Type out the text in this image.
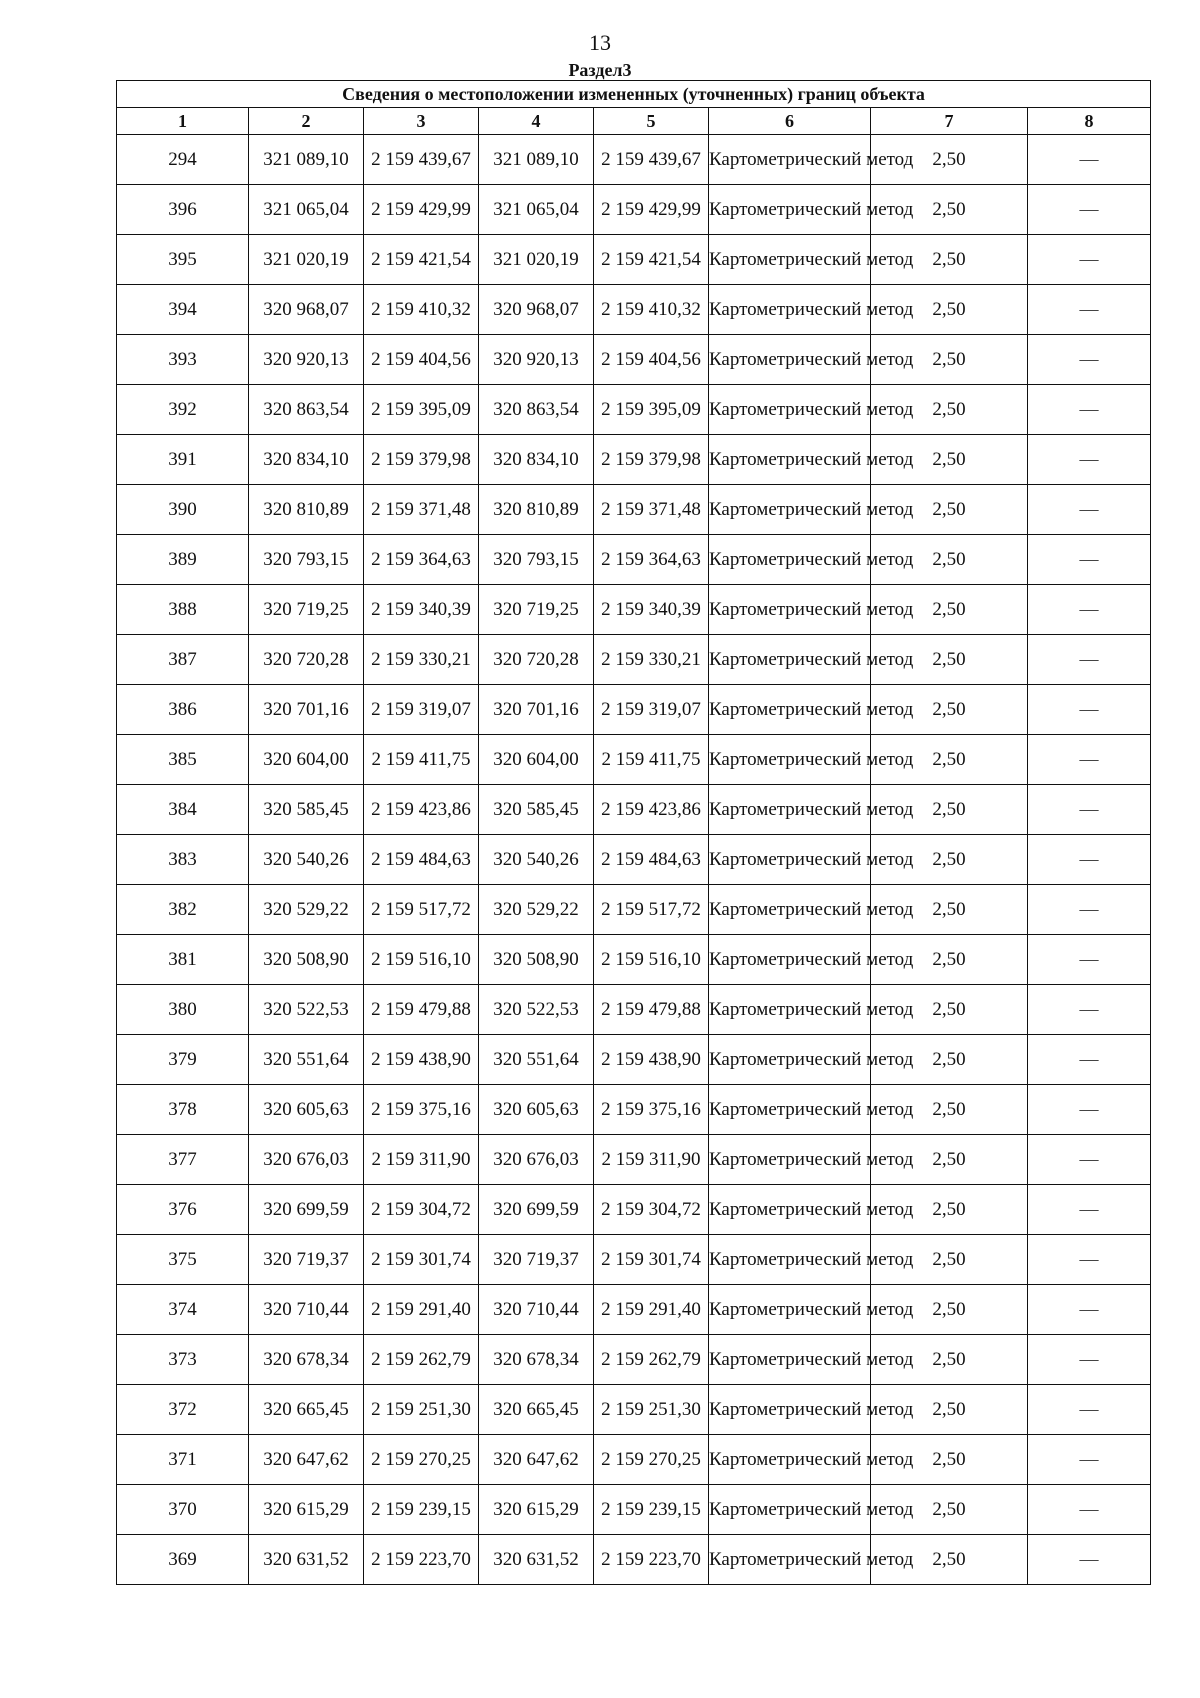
13
Раздел3
Сведения о местоположении измененных (уточненных) границ объекта							
1	2	3	4	5	6	7	8
294	321 089,10	2 159 439,67	321 089,10	2 159 439,67	Картометрический метод	2,50	—
396	321 065,04	2 159 429,99	321 065,04	2 159 429,99	Картометрический метод	2,50	—
395	321 020,19	2 159 421,54	321 020,19	2 159 421,54	Картометрический метод	2,50	—
394	320 968,07	2 159 410,32	320 968,07	2 159 410,32	Картометрический метод	2,50	—
393	320 920,13	2 159 404,56	320 920,13	2 159 404,56	Картометрический метод	2,50	—
392	320 863,54	2 159 395,09	320 863,54	2 159 395,09	Картометрический метод	2,50	—
391	320 834,10	2 159 379,98	320 834,10	2 159 379,98	Картометрический метод	2,50	—
390	320 810,89	2 159 371,48	320 810,89	2 159 371,48	Картометрический метод	2,50	—
389	320 793,15	2 159 364,63	320 793,15	2 159 364,63	Картометрический метод	2,50	—
388	320 719,25	2 159 340,39	320 719,25	2 159 340,39	Картометрический метод	2,50	—
387	320 720,28	2 159 330,21	320 720,28	2 159 330,21	Картометрический метод	2,50	—
386	320 701,16	2 159 319,07	320 701,16	2 159 319,07	Картометрический метод	2,50	—
385	320 604,00	2 159 411,75	320 604,00	2 159 411,75	Картометрический метод	2,50	—
384	320 585,45	2 159 423,86	320 585,45	2 159 423,86	Картометрический метод	2,50	—
383	320 540,26	2 159 484,63	320 540,26	2 159 484,63	Картометрический метод	2,50	—
382	320 529,22	2 159 517,72	320 529,22	2 159 517,72	Картометрический метод	2,50	—
381	320 508,90	2 159 516,10	320 508,90	2 159 516,10	Картометрический метод	2,50	—
380	320 522,53	2 159 479,88	320 522,53	2 159 479,88	Картометрический метод	2,50	—
379	320 551,64	2 159 438,90	320 551,64	2 159 438,90	Картометрический метод	2,50	—
378	320 605,63	2 159 375,16	320 605,63	2 159 375,16	Картометрический метод	2,50	—
377	320 676,03	2 159 311,90	320 676,03	2 159 311,90	Картометрический метод	2,50	—
376	320 699,59	2 159 304,72	320 699,59	2 159 304,72	Картометрический метод	2,50	—
375	320 719,37	2 159 301,74	320 719,37	2 159 301,74	Картометрический метод	2,50	—
374	320 710,44	2 159 291,40	320 710,44	2 159 291,40	Картометрический метод	2,50	—
373	320 678,34	2 159 262,79	320 678,34	2 159 262,79	Картометрический метод	2,50	—
372	320 665,45	2 159 251,30	320 665,45	2 159 251,30	Картометрический метод	2,50	—
371	320 647,62	2 159 270,25	320 647,62	2 159 270,25	Картометрический метод	2,50	—
370	320 615,29	2 159 239,15	320 615,29	2 159 239,15	Картометрический метод	2,50	—
369	320 631,52	2 159 223,70	320 631,52	2 159 223,70	Картометрический метод	2,50	—
